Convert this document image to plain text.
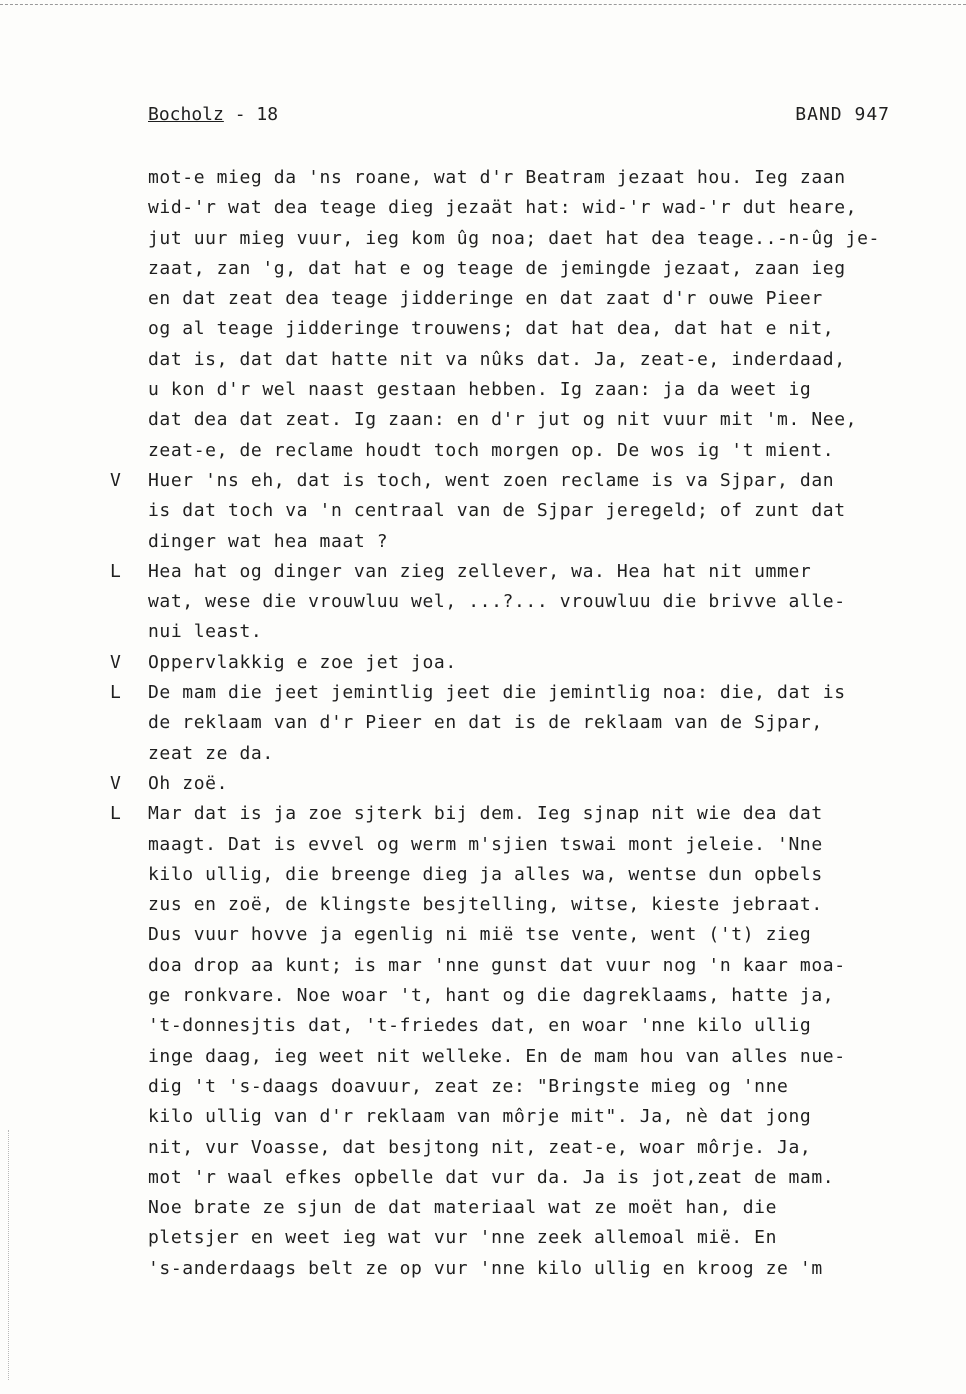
Bocholz - 18	BAND 947
mot-e mieg da 'ns roane, wat d'r Beatram jezaat hou. Ieg zaan
wid-'r wat dea teage dieg jezaät hat: wid-'r wad-'r dut heare,
jut uur mieg vuur, ieg kom ûg noa; daet hat dea teage..-n-ûg je-
zaat, zan 'g, dat hat e og teage de jemingde jezaat, zaan ieg
en dat zeat dea teage jidderinge en dat zaat d'r ouwe Pieer
og al teage jidderinge trouwens; dat hat dea, dat hat e nit,
dat is, dat dat hatte nit va nûks dat. Ja, zeat-e, inderdaad,
u kon d'r wel naast gestaan hebben. Ig zaan: ja da weet ig
dat dea dat zeat. Ig zaan: en d'r jut og nit vuur mit 'm. Nee,
zeat-e, de reclame houdt toch morgen op. De wos ig 't mient.
V	Huer 'ns eh, dat is toch, went zoen reclame is va Sjpar, dan
is dat toch va 'n centraal van de Sjpar jeregeld; of zunt dat
dinger wat hea maat ?
L	Hea hat og dinger van zieg zellever, wa. Hea hat nit ummer
wat, wese die vrouwluu wel, ...?... vrouwluu die brivve alle-
nui least.
V	Oppervlakkig e zoe jet joa.
L	De mam die jeet jemintlig jeet die jemintlig noa: die, dat is
de reklaam van d'r Pieer en dat is de reklaam van de Sjpar,
zeat ze da.
V	Oh zoë.
L	Mar dat is ja zoe sjterk bij dem. Ieg sjnap nit wie dea dat
maagt. Dat is evvel og werm m'sjien tswai mont jeleie. 'Nne
kilo ullig, die breenge dieg ja alles wa, wentse dun opbels
zus en zoë, de klingste besjtelling, witse, kieste jebraat.
Dus vuur hovve ja egenlig ni mië tse vente, went ('t) zieg
doa drop aa kunt; is mar 'nne gunst dat vuur nog 'n kaar moa-
ge ronkvare. Noe woar 't, hant og die dagreklaams, hatte ja,
't-donnesjtis dat, 't-friedes dat, en woar 'nne kilo ullig
inge daag, ieg weet nit welleke. En de mam hou van alles nue-
dig 't 's-daags doavuur, zeat ze: "Bringste mieg og 'nne
kilo ullig van d'r reklaam van môrje mit". Ja, nè dat jong
nit, vur Voasse, dat besjtong nit, zeat-e, woar môrje. Ja,
mot 'r waal efkes opbelle dat vur da. Ja is jot,zeat de mam.
Noe brate ze sjun de dat materiaal wat ze moët han, die
pletsjer en weet ieg wat vur 'nne zeek allemoal mië. En
's-anderdaags belt ze op vur 'nne kilo ullig en kroog ze 'm
